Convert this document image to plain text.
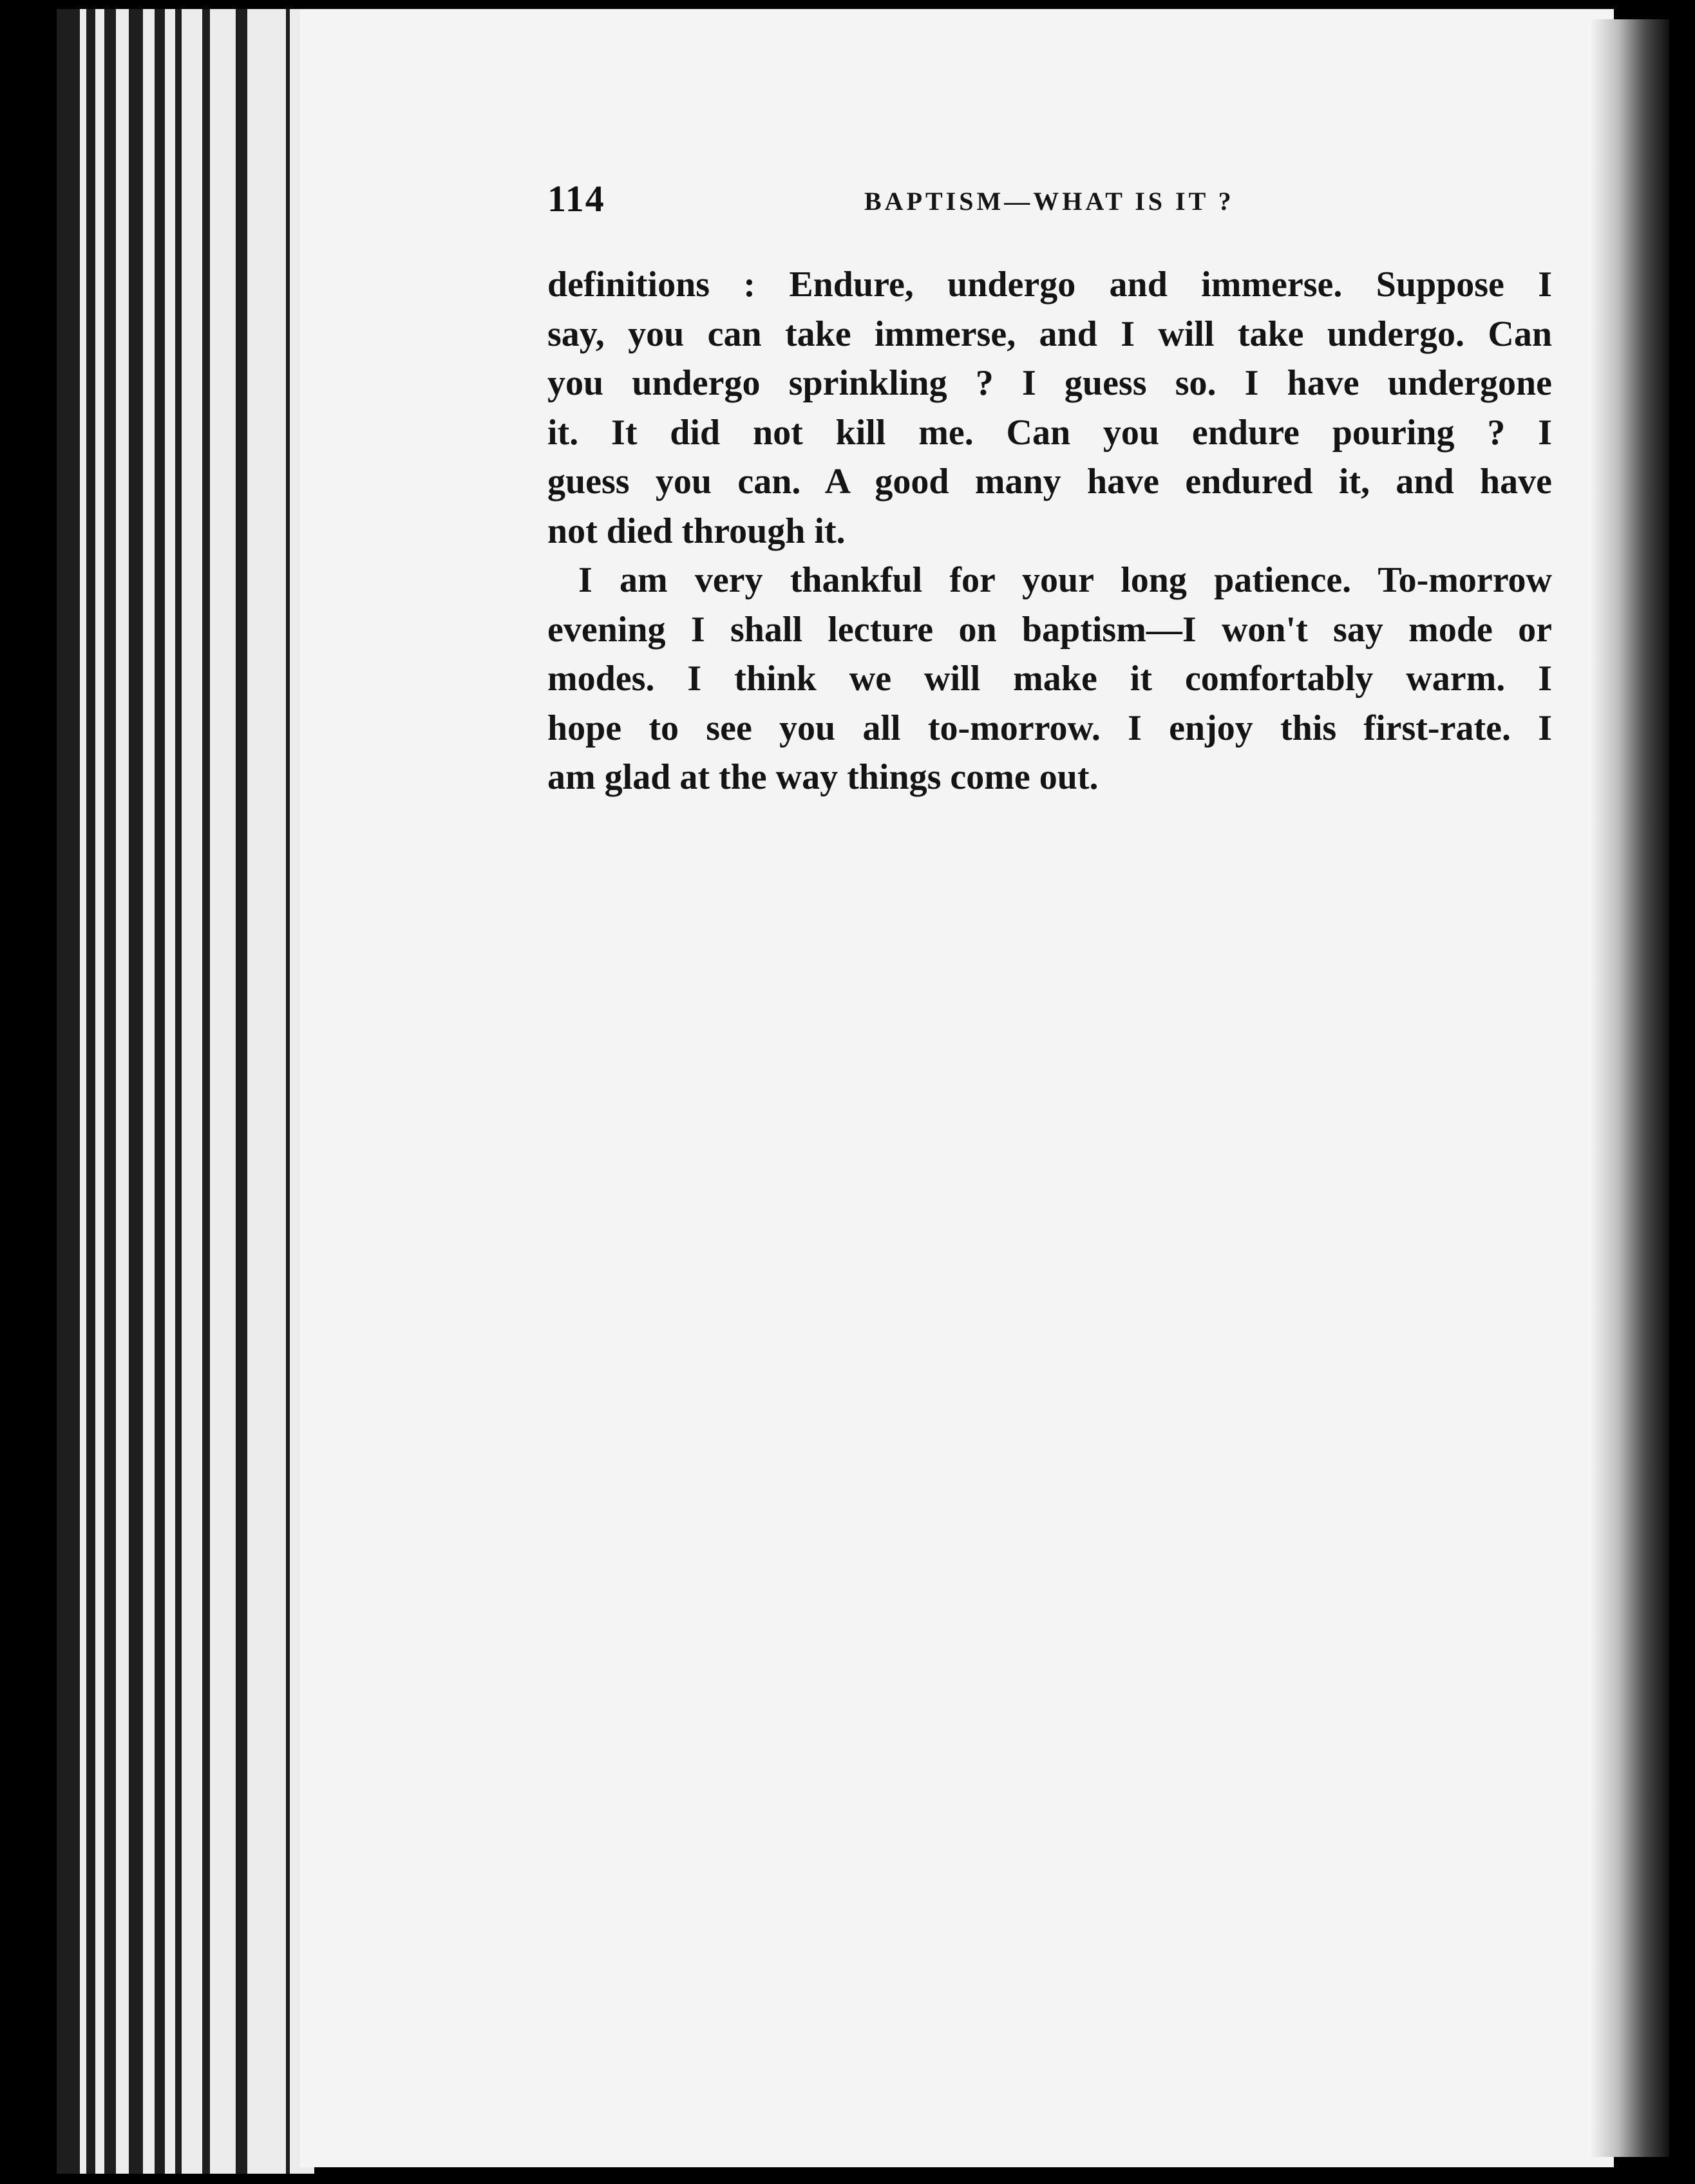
114	BAPTISM—WHAT IS IT ?
definitions : Endure, undergo and immerse. Suppose I
say, you can take immerse, and I will take undergo. Can
you undergo sprinkling ? I guess so. I have undergone
it. It did not kill me. Can you endure pouring ? I
guess you can. A good many have endured it, and have
not died through it.
I am very thankful for your long patience. To-morrow
evening I shall lecture on baptism—I won't say mode or
modes. I think we will make it comfortably warm. I
hope to see you all to-morrow. I enjoy this first-rate. I
am glad at the way things come out.
